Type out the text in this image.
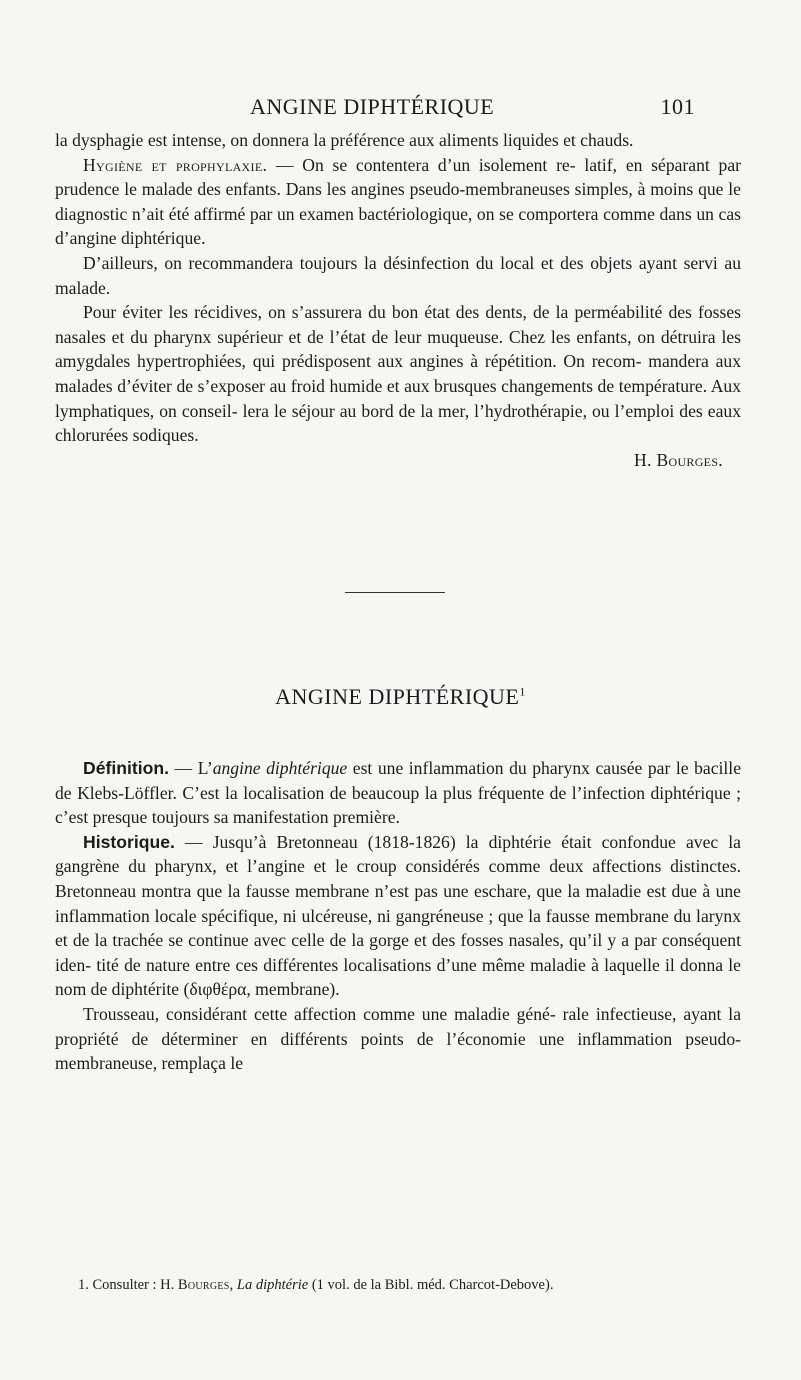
ANGINE DIPHTÉRIQUE	101

la dysphagie est intense, on donnera la préférence aux aliments liquides et chauds.

Hygiène et prophylaxie. — On se contentera d’un isolement re- latif, en séparant par prudence le malade des enfants. Dans les angines pseudo-membraneuses simples, à moins que le diagnostic n’ait été affirmé par un examen bactériologique, on se comportera comme dans un cas d’angine diphtérique.

D’ailleurs, on recommandera toujours la désinfection du local et des objets ayant servi au malade.

Pour éviter les récidives, on s’assurera du bon état des dents, de la perméabilité des fosses nasales et du pharynx supérieur et de l’état de leur muqueuse. Chez les enfants, on détruira les amygdales hypertrophiées, qui prédisposent aux angines à répétition. On recom- mandera aux malades d’éviter de s’exposer au froid humide et aux brusques changements de température. Aux lymphatiques, on conseil- lera le séjour au bord de la mer, l’hydrothérapie, ou l’emploi des eaux chlorurées sodiques.

H. Bourges.

ANGINE DIPHTÉRIQUE$^1$

Définition. — L’angine diphtérique est une inflammation du pharynx causée par le bacille de Klebs-Löffler. C’est la localisation de beaucoup la plus fréquente de l’infection diphtérique ; c’est presque toujours sa manifestation première.

Historique. — Jusqu’à Bretonneau (1818-1826) la diphtérie était confondue avec la gangrène du pharynx, et l’angine et le croup considérés comme deux affections distinctes. Bretonneau montra que la fausse membrane n’est pas une eschare, que la maladie est due à une inflammation locale spécifique, ni ulcéreuse, ni gangréneuse ; que la fausse membrane du larynx et de la trachée se continue avec celle de la gorge et des fosses nasales, qu’il y a par conséquent iden- tité de nature entre ces différentes localisations d’une même maladie à laquelle il donna le nom de diphtérite (διφθέρα, membrane).

Trousseau, considérant cette affection comme une maladie géné- rale infectieuse, ayant la propriété de déterminer en différents points de l’économie une inflammation pseudo-membraneuse, remplaça le

1. Consulter : H. Bourges, La diphtérie (1 vol. de la Bibl. méd. Charcot-Debove).
